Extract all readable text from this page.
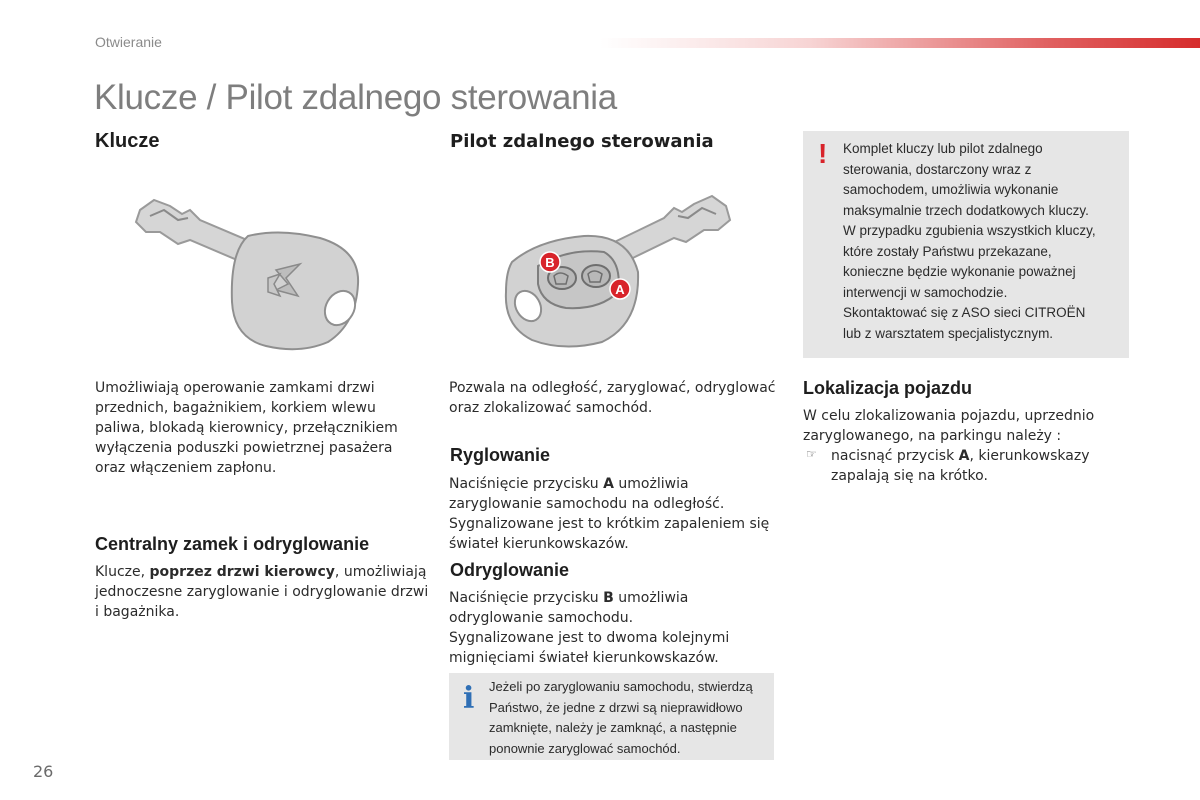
Otwieranie
Klucze / Pilot zdalnego sterowania
Klucze
Umożliwiają operowanie zamkami drzwi
przednich, bagażnikiem, korkiem wlewu
paliwa, blokadą kierownicy, przełącznikiem
wyłączenia poduszki powietrznej pasażera
oraz włączeniem zapłonu.
Centralny zamek i odryglowanie
Klucze, poprzez drzwi kierowcy, umożliwiają
jednoczesne zaryglowanie i odryglowanie drzwi
i bagażnika.
Pilot zdalnego sterowania
B
A
Pozwala na odległość, zaryglować, odryglować
oraz zlokalizować samochód.
Ryglowanie
Naciśnięcie przycisku A umożliwia
zaryglowanie samochodu na odległość.
Sygnalizowane jest to krótkim zapaleniem się
świateł kierunkowskazów.
Odryglowanie
Naciśnięcie przycisku B umożliwia
odryglowanie samochodu.
Sygnalizowane jest to dwoma kolejnymi
mignięciami świateł kierunkowskazów.
i Jeżeli po zaryglowaniu samochodu, stwierdzą
Państwo, że jedne z drzwi są nieprawidłowo
zamknięte, należy je zamknąć, a następnie
ponownie zaryglować samochód.
! Komplet kluczy lub pilot zdalnego
sterowania, dostarczony wraz z
samochodem, umożliwia wykonanie
maksymalnie trzech dodatkowych kluczy.
W przypadku zgubienia wszystkich kluczy,
które zostały Państwu przekazane,
konieczne będzie wykonanie poważnej
interwencji w samochodzie.
Skontaktować się z ASO sieci CITROËN
lub z warsztatem specjalistycznym.
Lokalizacja pojazdu
W celu zlokalizowania pojazdu, uprzednio
zaryglowanego, na parkingu należy :
☞ nacisnąć przycisk A, kierunkowskazy
zapalają się na krótko.
26
